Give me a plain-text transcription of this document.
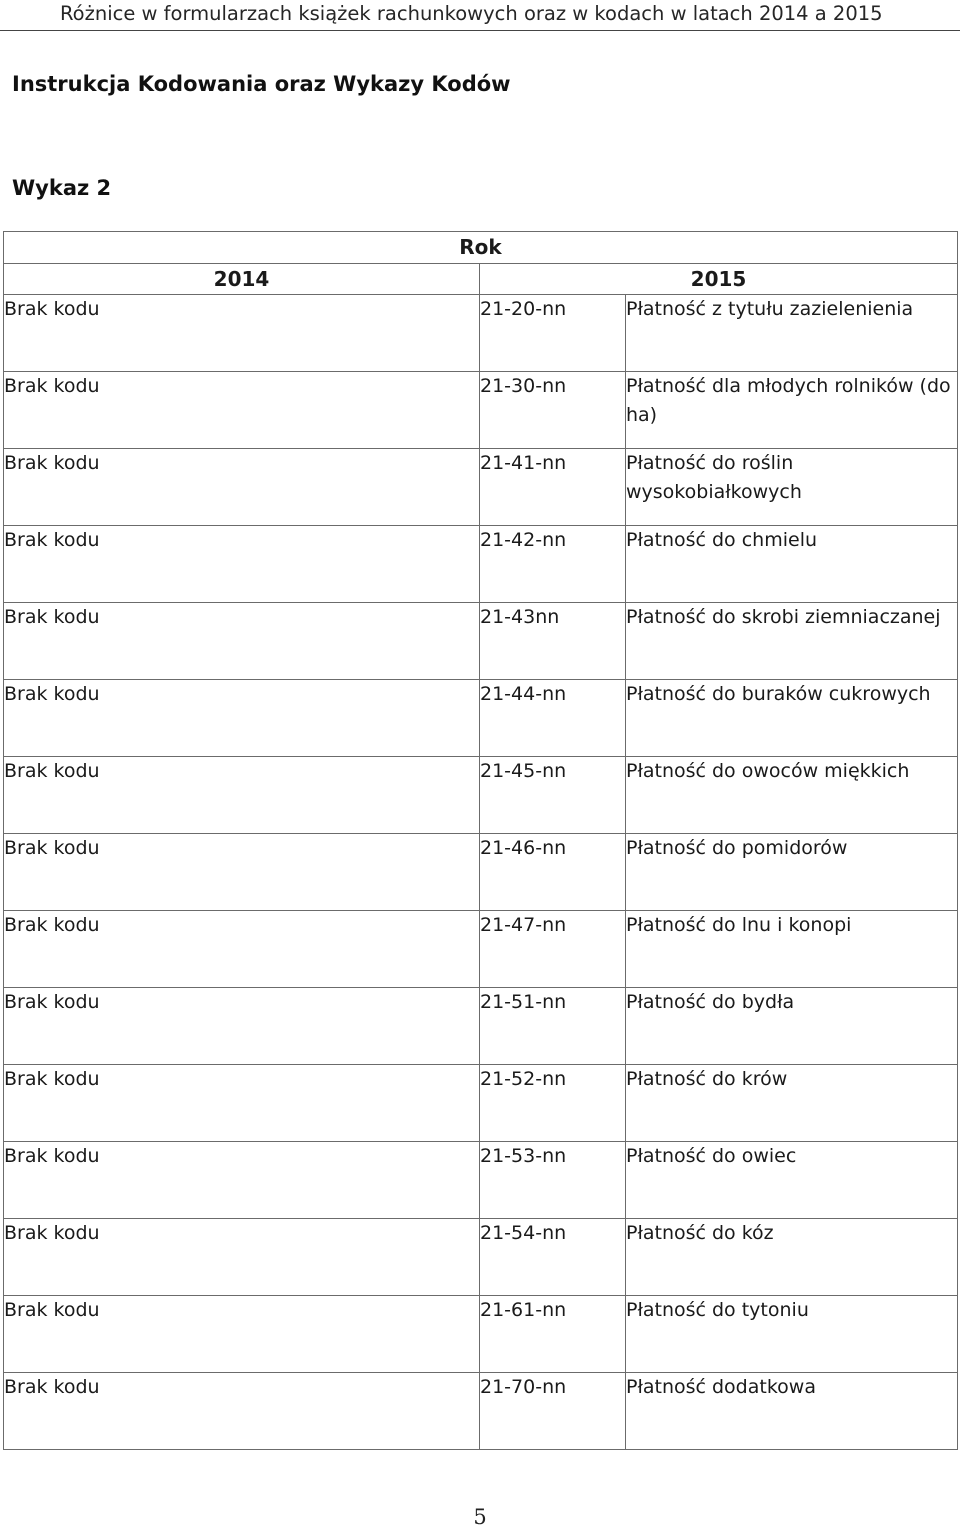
Różnice w formularzach książek rachunkowych oraz w kodach w latach 2014 a 2015
Instrukcja Kodowania oraz Wykazy Kodów
Wykaz 2
Rok		
2014	2015	
Brak kodu	21-20-nn	Płatność z tytułu zazielenienia
Brak kodu	21-30-nn	Płatność dla młodych rolników (do ha)
Brak kodu	21-41-nn	Płatność do roślin wysokobiałkowych
Brak kodu	21-42-nn	Płatność do chmielu
Brak kodu	21-43nn	Płatność do skrobi ziemniaczanej
Brak kodu	21-44-nn	Płatność do buraków cukrowych
Brak kodu	21-45-nn	Płatność do owoców miękkich
Brak kodu	21-46-nn	Płatność do pomidorów
Brak kodu	21-47-nn	Płatność do lnu i konopi
Brak kodu	21-51-nn	Płatność do bydła
Brak kodu	21-52-nn	Płatność do krów
Brak kodu	21-53-nn	Płatność do owiec
Brak kodu	21-54-nn	Płatność do kóz
Brak kodu	21-61-nn	Płatność do tytoniu
Brak kodu	21-70-nn	Płatność dodatkowa
5
